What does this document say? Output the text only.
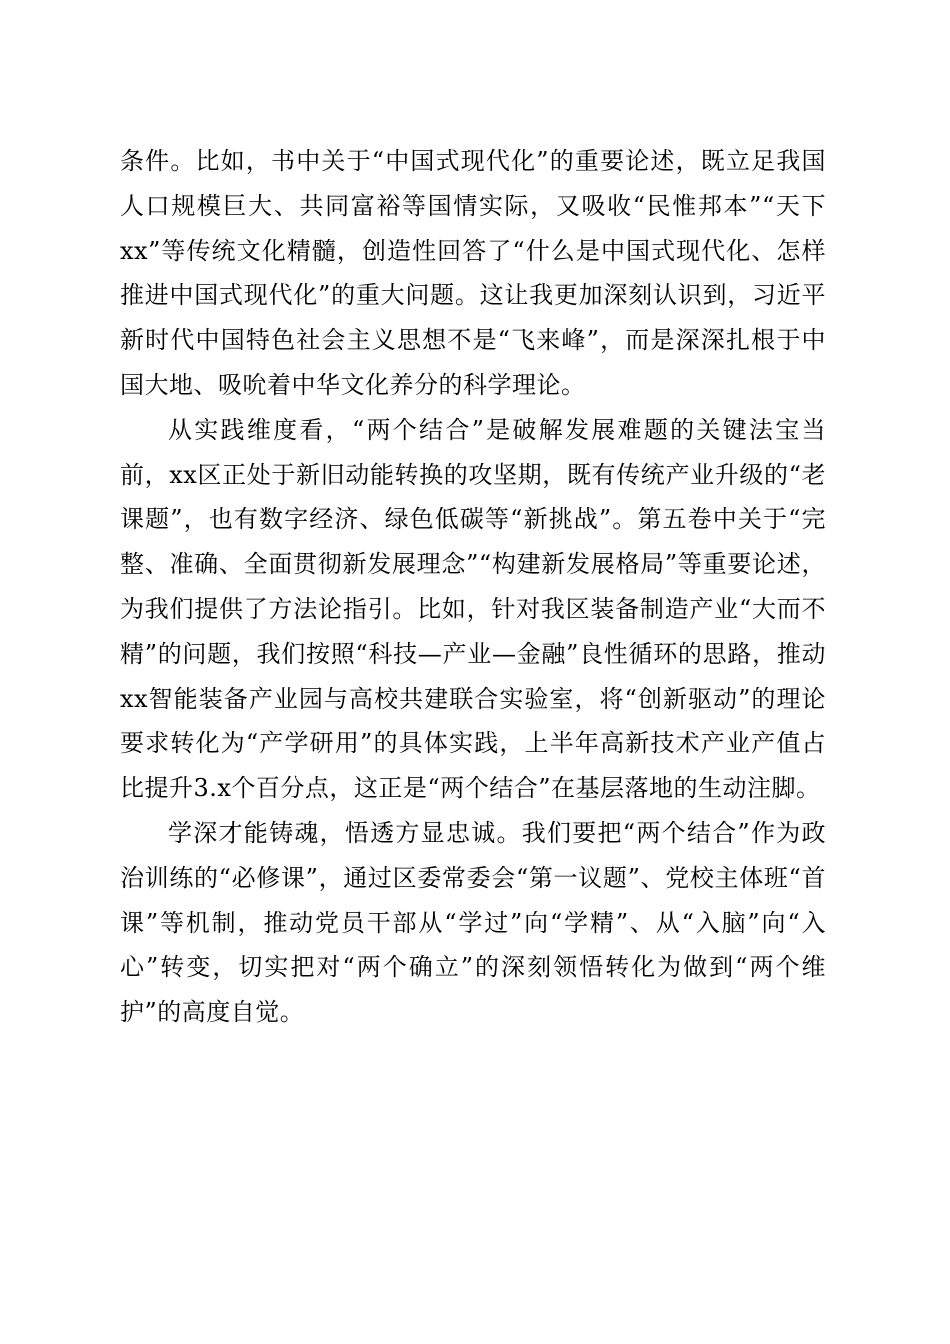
条件。比如，书中关于“中国式现代化”的重要论述，既立足我国人口规模巨大、共同富裕等国情实际，又吸收“民惟邦本”“天下xx”等传统文化精髓，创造性回答了“什么是中国式现代化、怎样推进中国式现代化”的重大问题。这让我更加深刻认识到，习近平新时代中国特色社会主义思想不是“飞来峰”，而是深深扎根于中国大地、吸吮着中华文化养分的科学理论。

从实践维度看，“两个结合”是破解发展难题的关键法宝当前，xx区正处于新旧动能转换的攻坚期，既有传统产业升级的“老课题”，也有数字经济、绿色低碳等“新挑战”。第五卷中关于“完整、准确、全面贯彻新发展理念”“构建新发展格局”等重要论述，为我们提供了方法论指引。比如，针对我区装备制造产业“大而不精”的问题，我们按照“科技—产业—金融”良性循环的思路，推动xx智能装备产业园与高校共建联合实验室，将“创新驱动”的理论要求转化为“产学研用”的具体实践，上半年高新技术产业产值占比提升3.x个百分点，这正是“两个结合”在基层落地的生动注脚。

学深才能铸魂，悟透方显忠诚。我们要把“两个结合”作为政治训练的“必修课”，通过区委常委会“第一议题”、党校主体班“首课”等机制，推动党员干部从“学过”向“学精”、从“入脑”向“入心”转变，切实把对“两个确立”的深刻领悟转化为做到“两个维护”的高度自觉。
